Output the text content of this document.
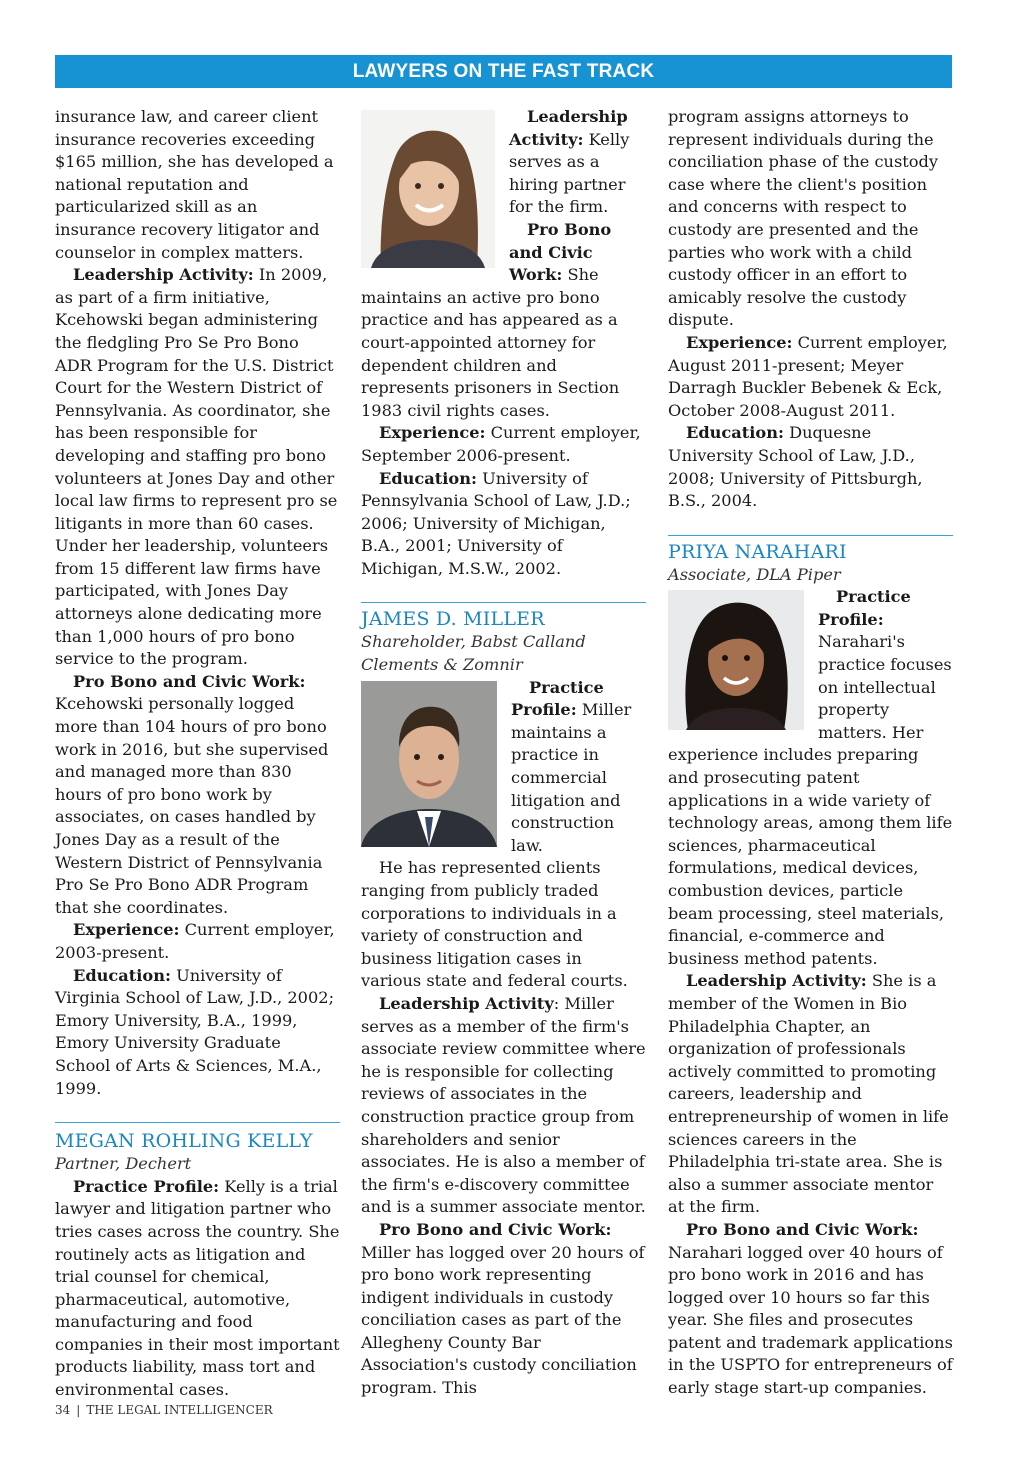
LAWYERS ON THE FAST TRACK

insurance law, and career client insurance recoveries exceeding $165 million, she has developed a national reputation and particularized skill as an insurance recovery litigator and counselor in complex matters.

Leadership Activity: In 2009, as part of a firm initiative, Kcehowski began administering the fledgling Pro Se Pro Bono ADR Program for the U.S. District Court for the Western District of Pennsylvania. As coordinator, she has been responsible for developing and staffing pro bono volunteers at Jones Day and other local law firms to represent pro se litigants in more than 60 cases. Under her leadership, volunteers from 15 different law firms have participated, with Jones Day attorneys alone dedicating more than 1,000 hours of pro bono service to the program.

Pro Bono and Civic Work: Kcehowski personally logged more than 104 hours of pro bono work in 2016, but she supervised and managed more than 830 hours of pro bono work by associates, on cases handled by Jones Day as a result of the Western District of Pennsylvania Pro Se Pro Bono ADR Program that she coordinates.

Experience: Current employer, 2003-present.

Education: University of Virginia School of Law, J.D., 2002; Emory University, B.A., 1999, Emory University Graduate School of Arts & Sciences, M.A., 1999.

MEGAN ROHLING KELLY

Partner, Dechert

Practice Profile: Kelly is a trial lawyer and litigation partner who tries cases across the country. She routinely acts as litigation and trial counsel for chemical, pharmaceutical, automotive, manufacturing and food companies in their most important products liability, mass tort and environmental cases.

Leadership Activity: Kelly serves as a hiring partner for the firm.

Pro Bono and Civic Work: She maintains an active pro bono practice and has appeared as a court-appointed attorney for dependent children and represents prisoners in Section 1983 civil rights cases.

Experience: Current employer, September 2006-present.

Education: University of Pennsylvania School of Law, J.D.; 2006; University of Michigan, B.A., 2001; University of Michigan, M.S.W., 2002.

JAMES D. MILLER

Shareholder, Babst Calland Clements & Zomnir

Practice Profile: Miller maintains a practice in commercial litigation and construction law.

He has represented clients ranging from publicly traded corporations to individuals in a variety of construction and business litigation cases in various state and federal courts.

Leadership Activity: Miller serves as a member of the firm's associate review committee where he is responsible for collecting reviews of associates in the construction practice group from shareholders and senior associates. He is also a member of the firm's e-discovery committee and is a summer associate mentor.

Pro Bono and Civic Work: Miller has logged over 20 hours of pro bono work representing indigent individuals in custody conciliation cases as part of the Allegheny County Bar Association's custody conciliation program. This

program assigns attorneys to represent individuals during the conciliation phase of the custody case where the client's position and concerns with respect to custody are presented and the parties who work with a child custody officer in an effort to amicably resolve the custody dispute.

Experience: Current employer, August 2011-present; Meyer Darragh Buckler Bebenek & Eck, October 2008-August 2011.

Education: Duquesne University School of Law, J.D., 2008; University of Pittsburgh, B.S., 2004.

PRIYA NARAHARI

Associate, DLA Piper

Practice Profile: Narahari's practice focuses on intellectual property matters. Her experience includes preparing and prosecuting patent applications in a wide variety of technology areas, among them life sciences, pharmaceutical formulations, medical devices, combustion devices, particle beam processing, steel materials, financial, e-commerce and business method patents.

Leadership Activity: She is a member of the Women in Bio Philadelphia Chapter, an organization of professionals actively committed to promoting careers, leadership and entrepreneurship of women in life sciences careers in the Philadelphia tri-state area. She is also a summer associate mentor at the firm.

Pro Bono and Civic Work: Narahari logged over 40 hours of pro bono work in 2016 and has logged over 10 hours so far this year. She files and prosecutes patent and trademark applications in the USPTO for entrepreneurs of early stage start-up companies.

34 | THE LEGAL INTELLIGENCER
